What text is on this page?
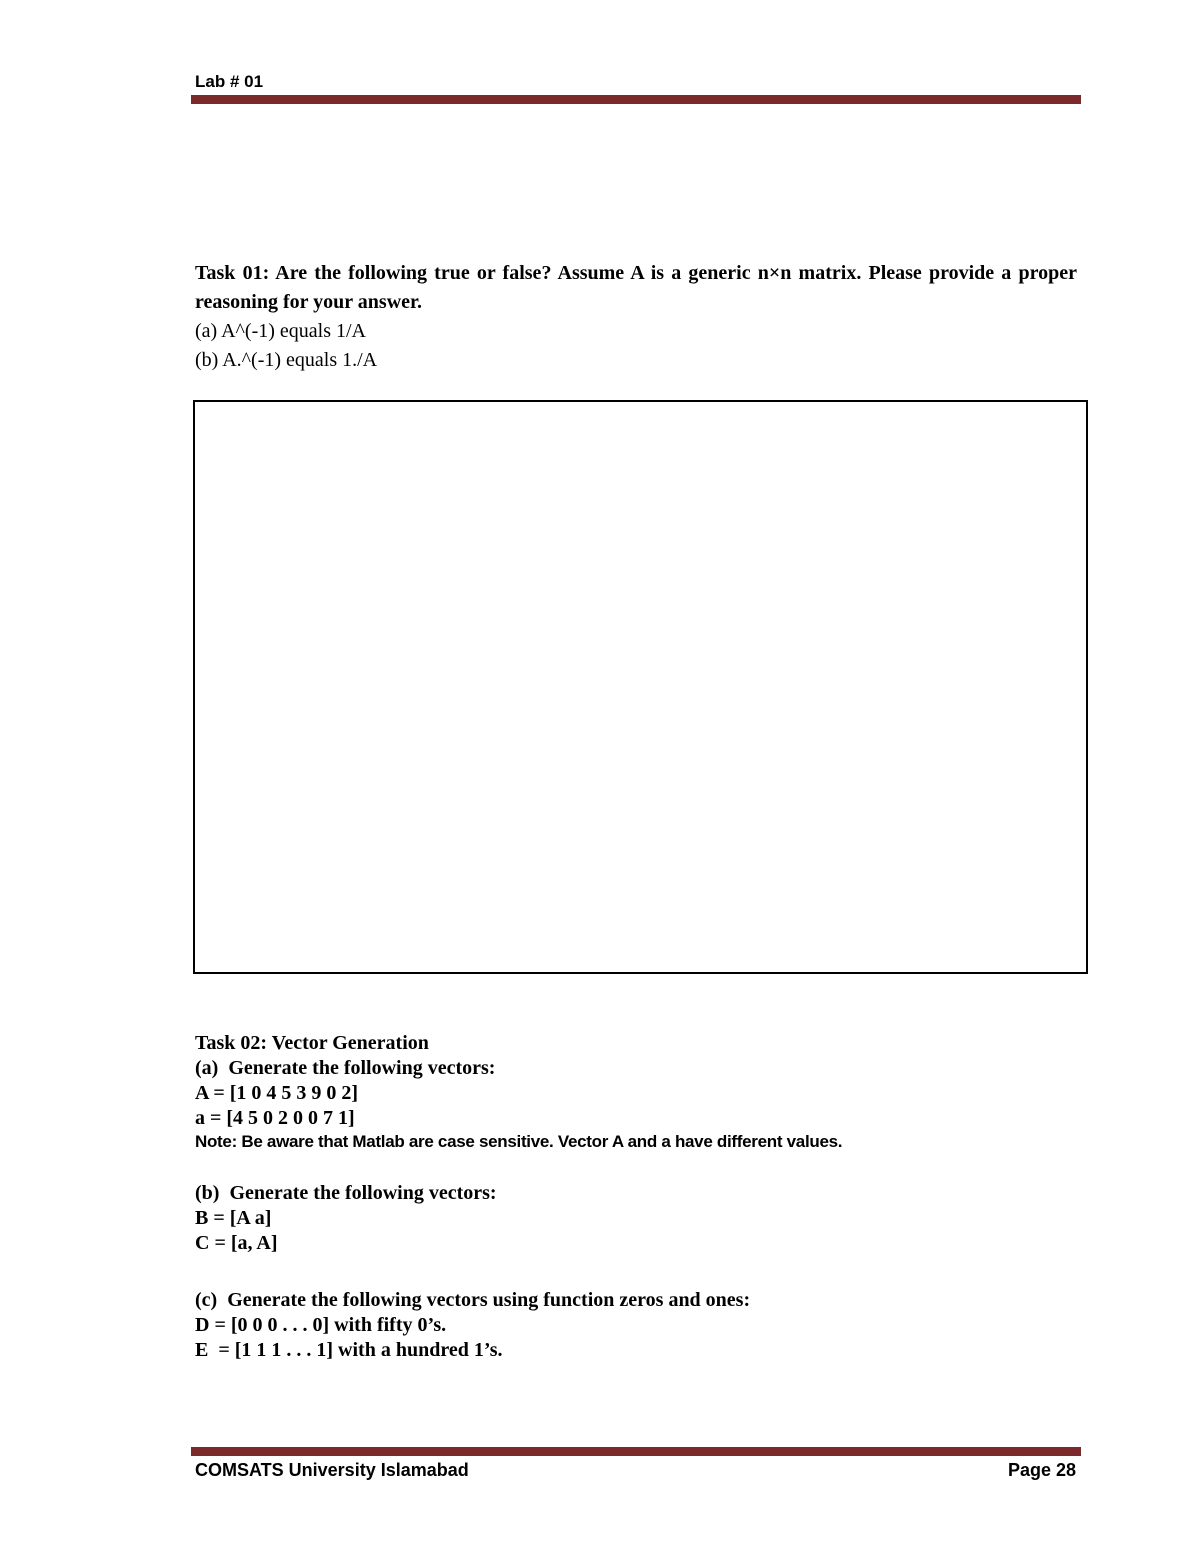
Lab # 01
Task 01: Are the following true or false? Assume A is a generic n×n matrix. Please provide a proper reasoning for your answer.
(a) A^(-1) equals 1/A
(b) A.^(-1) equals 1./A
Task 02: Vector Generation
(a)  Generate the following vectors:
A = [1 0 4 5 3 9 0 2]
a = [4 5 0 2 0 0 7 1]
Note: Be aware that Matlab are case sensitive. Vector A and a have different values.
(b)  Generate the following vectors:
B = [A a]
C = [a, A]
(c)  Generate the following vectors using function zeros and ones:
D = [0 0 0 . . . 0] with fifty 0’s.
E  = [1 1 1 . . . 1] with a hundred 1’s.
COMSATS University Islamabad	Page 28
